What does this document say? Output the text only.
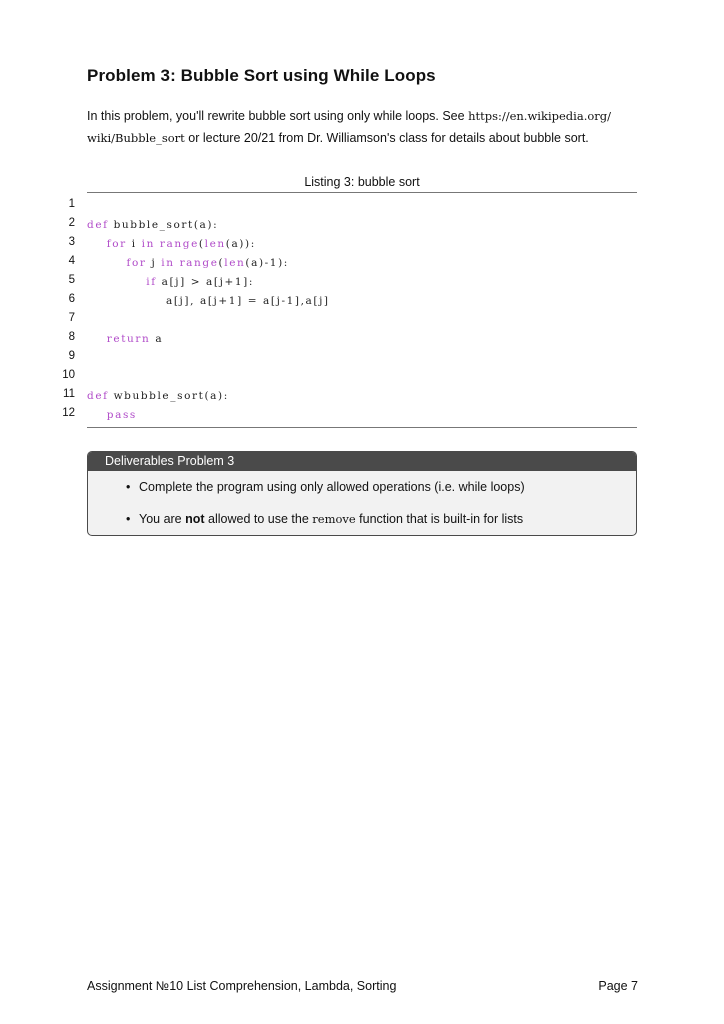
Problem 3: Bubble Sort using While Loops
In this problem, you'll rewrite bubble sort using only while loops. See https://en.wikipedia.org/
wiki/Bubble_sort or lecture 20/21 from Dr. Williamson's class for details about bubble sort.
Listing 3: bubble sort
1
2 def bubble_sort(a):
3	for i in range(len(a)):
4	for j in range(len(a)-1):
5	if a[j] > a[j+1]:
6 a[j], a[j+1] = a[j-1],a[j]
7
8	return a
9
10
11 def wbubble_sort(a):
12	pass
Deliverables Problem 3
• Complete the program using only allowed operations (i.e. while loops)
• You are not allowed to use the remove function that is built-in for lists
Assignment №10 List Comprehension, Lambda, Sorting	Page 7
